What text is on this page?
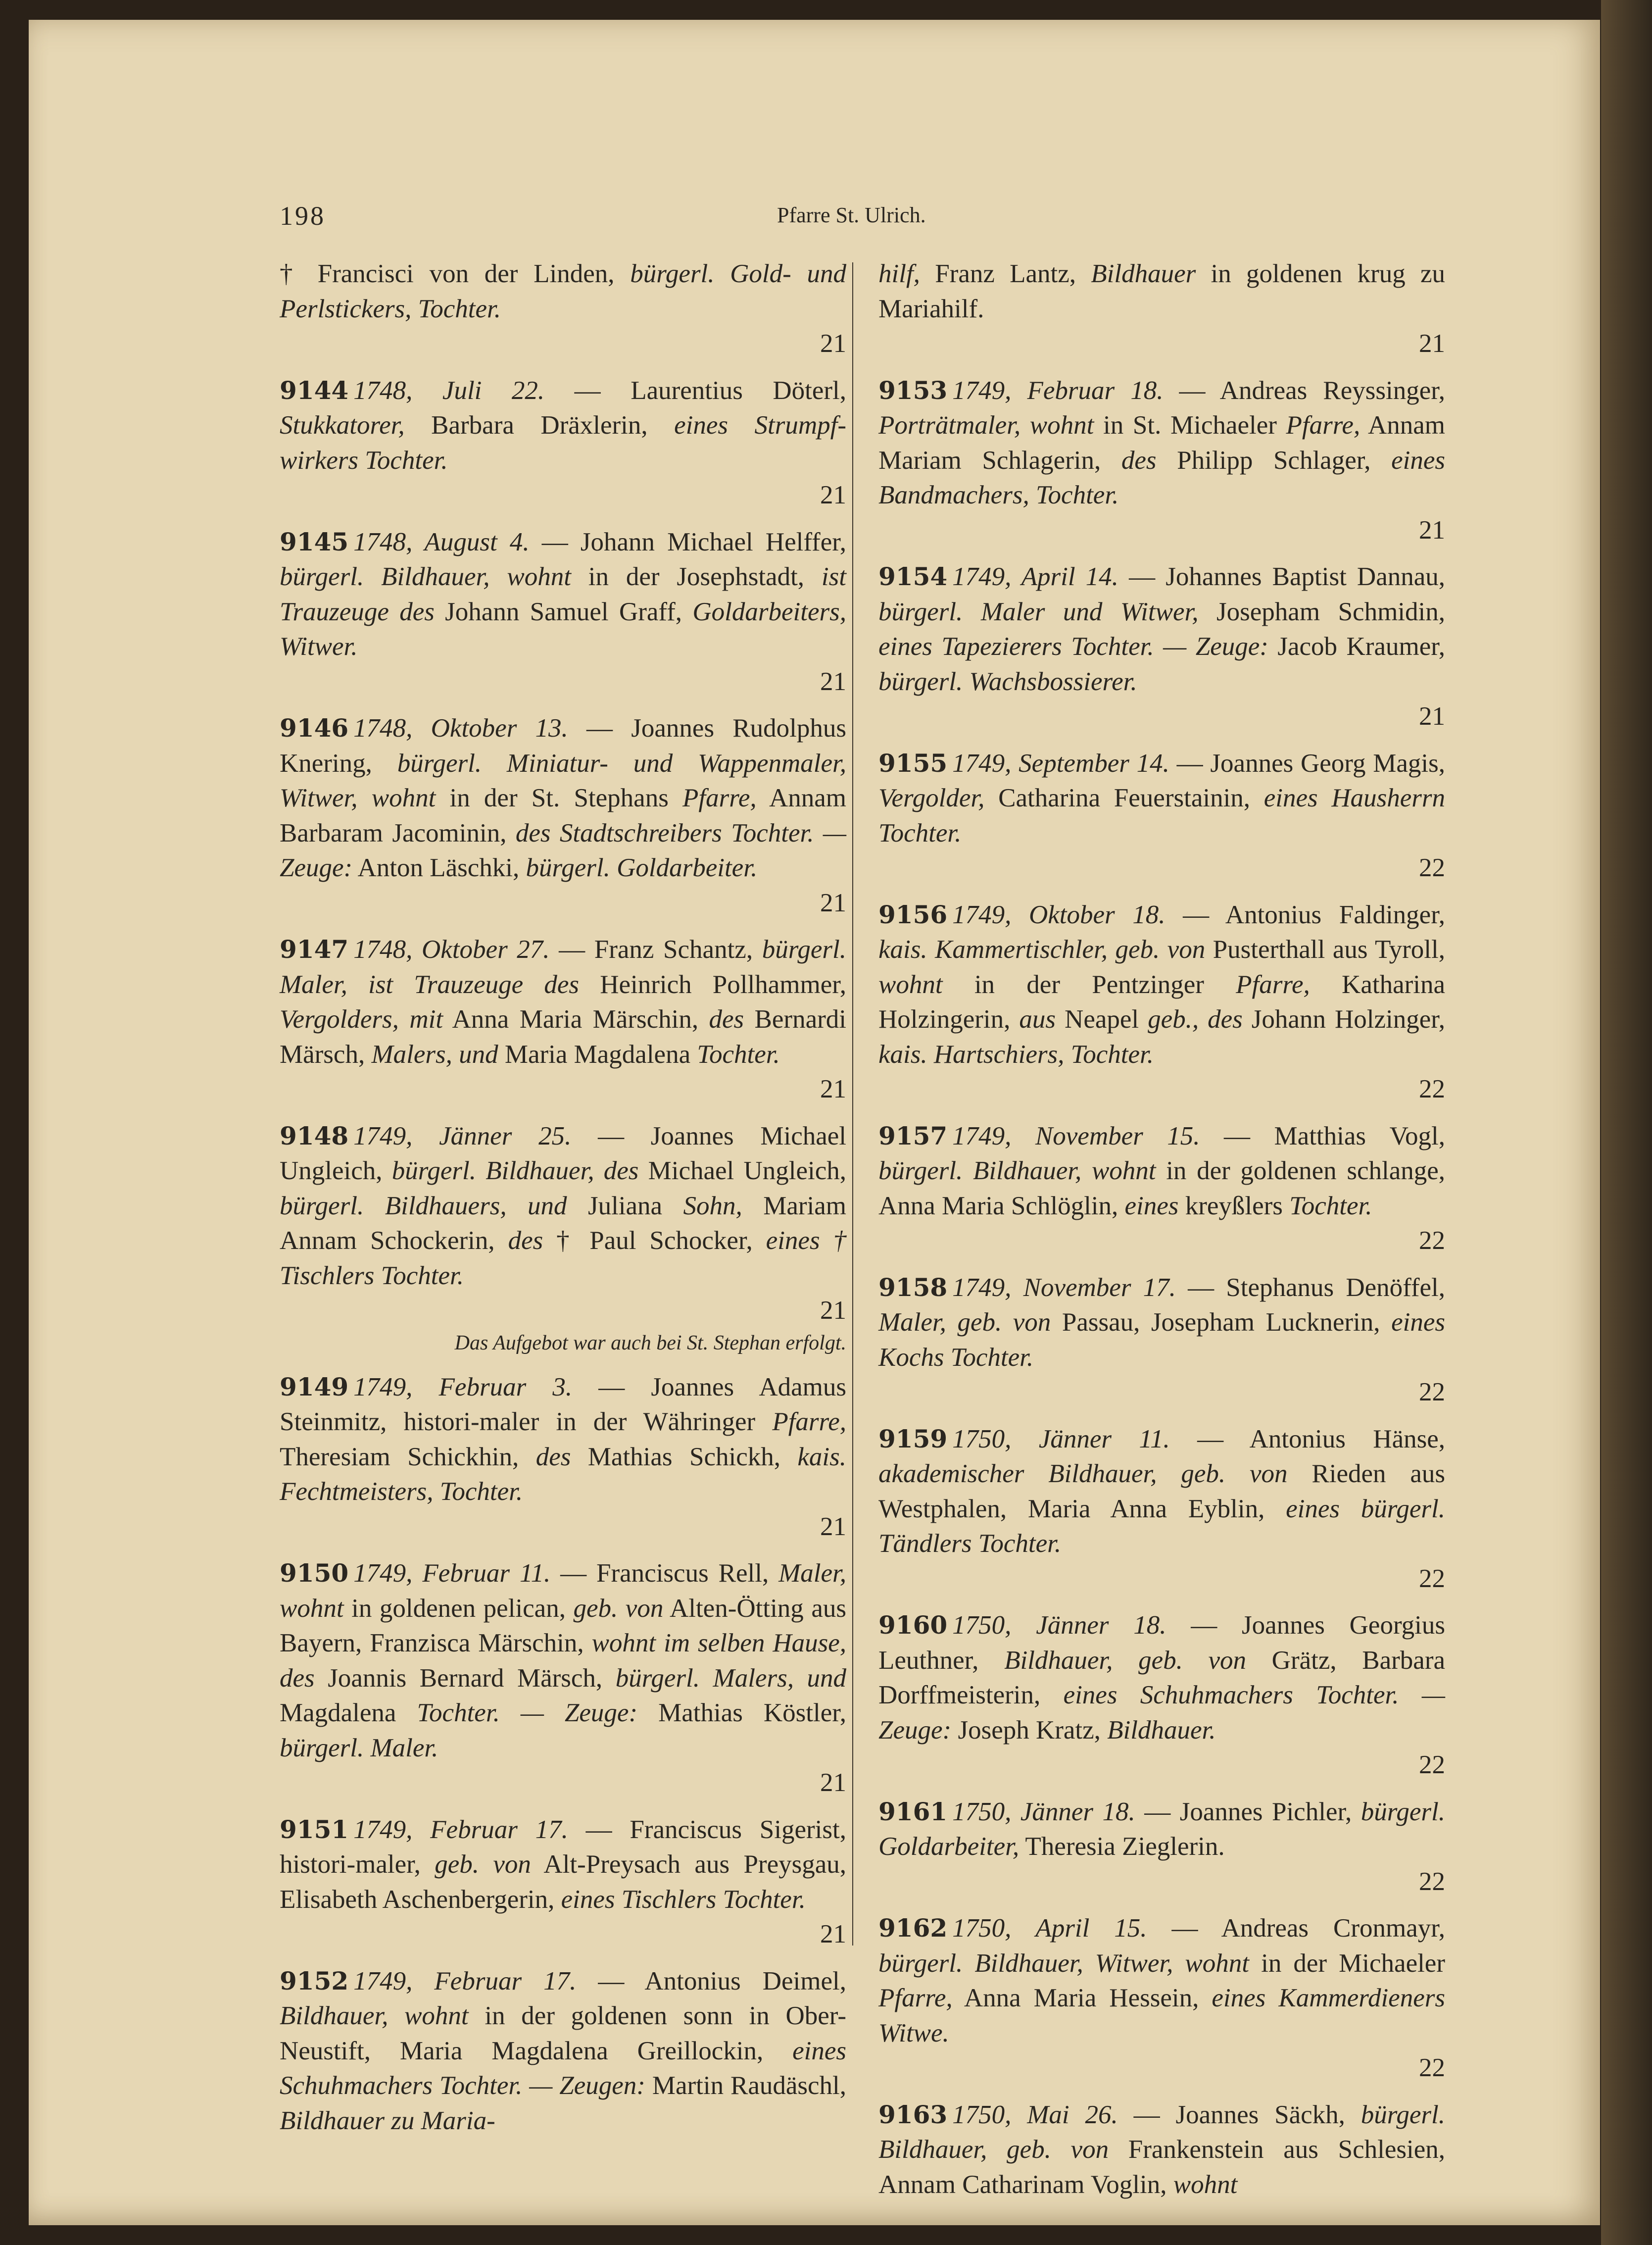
198	Pfarre St. Ulrich.
† Francisci von der Linden, bürgerl. Gold- und Perlstickers, Tochter.
21
9144 1748, Juli 22. — Laurentius Döterl, Stukkatorer, Barbara Dräxlerin, eines Strumpf- wirkers Tochter.
21
9145 1748, August 4. — Johann Michael Helffer, bürgerl. Bildhauer, wohnt in der Josephstadt, ist Trauzeuge des Johann Samuel Graff, Goldarbeiters, Witwer.
21
9146 1748, Oktober 13. — Joannes Rudolphus Knering, bürgerl. Miniatur- und Wappenmaler, Witwer, wohnt in der St. Stephans Pfarre, Annam Barbaram Jacominin, des Stadtschreibers Tochter. — Zeuge: Anton Läschki, bürgerl. Goldarbeiter.
21
9147 1748, Oktober 27. — Franz Schantz, bürgerl. Maler, ist Trauzeuge des Heinrich Pollhammer, Vergolders, mit Anna Maria Märschin, des Bernardi Märsch, Malers, und Maria Magdalena Tochter.
21
9148 1749, Jänner 25. — Joannes Michael Ungleich, bürgerl. Bildhauer, des Michael Ungleich, bürgerl. Bildhauers, und Juliana Sohn, Mariam Annam Schockerin, des † Paul Schocker, eines † Tischlers Tochter.
21
Das Aufgebot war auch bei St. Stephan erfolgt.
9149 1749, Februar 3. — Joannes Adamus Steinmitz, histori-maler in der Währinger Pfarre, Theresiam Schickhin, des Mathias Schickh, kais. Fechtmeisters, Tochter.
21
9150 1749, Februar 11. — Franciscus Rell, Maler, wohnt in goldenen pelican, geb. von Alten-Ötting aus Bayern, Franzisca Märschin, wohnt im selben Hause, des Joannis Bernard Märsch, bürgerl. Malers, und Magdalena Tochter. — Zeuge: Mathias Köstler, bürgerl. Maler.
21
9151 1749, Februar 17. — Franciscus Sigerist, histori-maler, geb. von Alt-Preysach aus Preysgau, Elisabeth Aschenbergerin, eines Tischlers Tochter.
21
9152 1749, Februar 17. — Antonius Deimel, Bildhauer, wohnt in der goldenen sonn in Ober-Neustift, Maria Magdalena Greillockin, eines Schuhmachers Tochter. — Zeugen: Martin Raudäschl, Bildhauer zu Maria-
hilf, Franz Lantz, Bildhauer in goldenen krug zu Mariahilf.
21
9153 1749, Februar 18. — Andreas Reyssinger, Porträtmaler, wohnt in St. Michaeler Pfarre, Annam Mariam Schlagerin, des Philipp Schlager, eines Bandmachers, Tochter.
21
9154 1749, April 14. — Johannes Baptist Dannau, bürgerl. Maler und Witwer, Josepham Schmidin, eines Tapezierers Tochter. — Zeuge: Jacob Kraumer, bürgerl. Wachsbossierer.
21
9155 1749, September 14. — Joannes Georg Magis, Vergolder, Catharina Feuerstainin, eines Hausherrn Tochter.
22
9156 1749, Oktober 18. — Antonius Faldinger, kais. Kammertischler, geb. von Pusterthall aus Tyroll, wohnt in der Pentzinger Pfarre, Katharina Holzingerin, aus Neapel geb., des Johann Holzinger, kais. Hartschiers, Tochter.
22
9157 1749, November 15. — Matthias Vogl, bürgerl. Bildhauer, wohnt in der goldenen schlange, Anna Maria Schlöglin, eines kreyßlers Tochter.
22
9158 1749, November 17. — Stephanus Denöffel, Maler, geb. von Passau, Josepham Lucknerin, eines Kochs Tochter.
22
9159 1750, Jänner 11. — Antonius Hänse, akademischer Bildhauer, geb. von Rieden aus Westphalen, Maria Anna Eyblin, eines bürgerl. Tändlers Tochter.
22
9160 1750, Jänner 18. — Joannes Georgius Leuthner, Bildhauer, geb. von Grätz, Barbara Dorffmeisterin, eines Schuhmachers Tochter. — Zeuge: Joseph Kratz, Bildhauer.
22
9161 1750, Jänner 18. — Joannes Pichler, bürgerl. Goldarbeiter, Theresia Zieglerin.
22
9162 1750, April 15. — Andreas Cronmayr, bürgerl. Bildhauer, Witwer, wohnt in der Michaeler Pfarre, Anna Maria Hessein, eines Kammerdieners Witwe.
22
9163 1750, Mai 26. — Joannes Säckh, bürgerl. Bildhauer, geb. von Frankenstein aus Schlesien, Annam Catharinam Voglin, wohnt
